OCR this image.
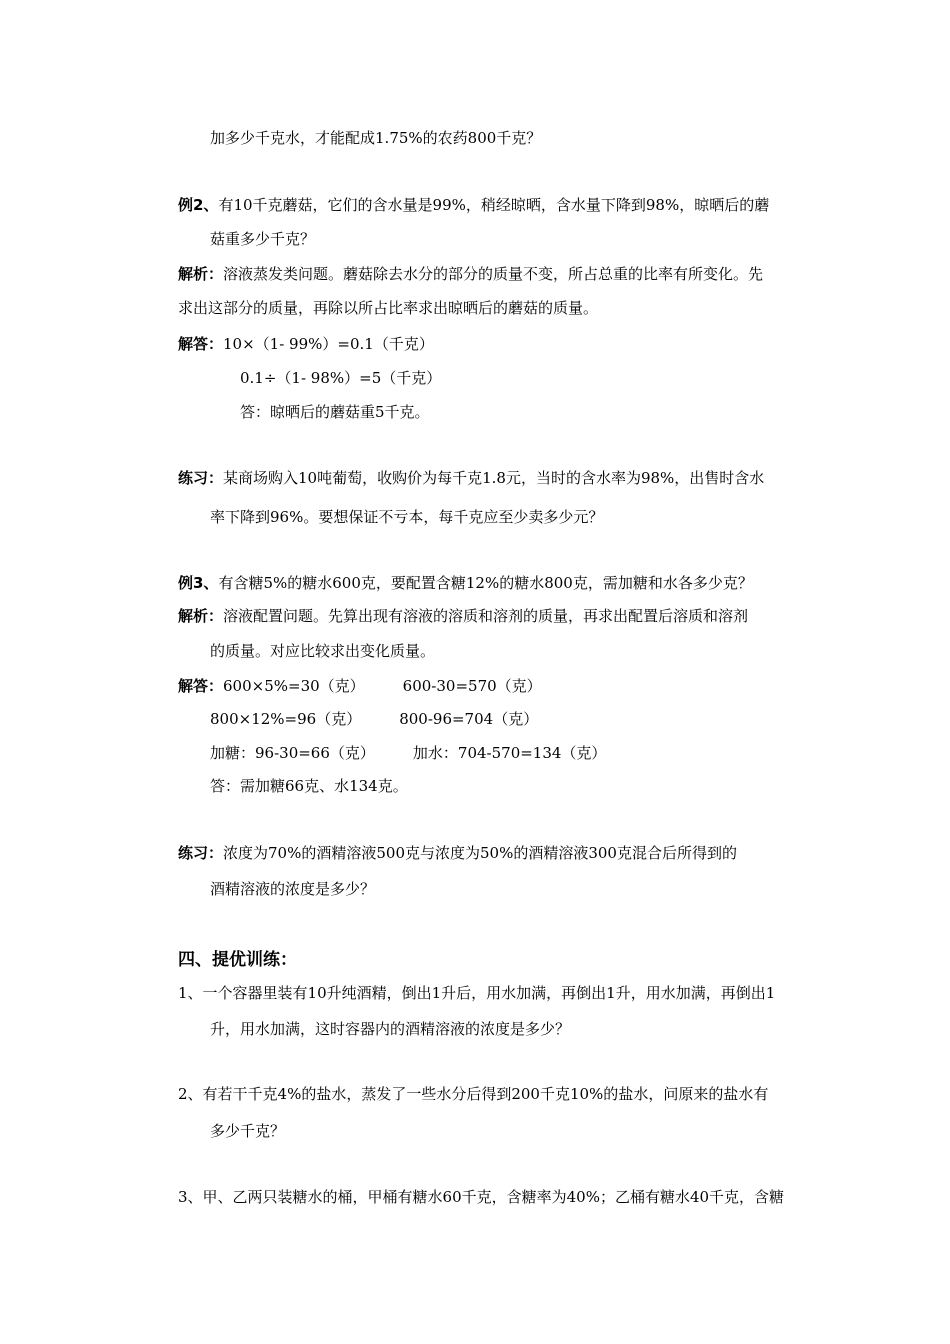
加多少千克水，才能配成1.75%的农药800千克？
例2、有10千克蘑菇，它们的含水量是99%，稍经晾晒，含水量下降到98%，晾晒后的蘑
菇重多少千克？
解析：溶液蒸发类问题。蘑菇除去水分的部分的质量不变，所占总重的比率有所变化。先
求出这部分的质量，再除以所占比率求出晾晒后的蘑菇的质量。
解答：10×（1- 99%）=0.1（千克）
0.1÷（1- 98%）=5（千克）
答：晾晒后的蘑菇重5千克。
练习：某商场购入10吨葡萄，收购价为每千克1.8元，当时的含水率为98%，出售时含水
率下降到96%。要想保证不亏本，每千克应至少卖多少元？
例3、有含糖5%的糖水600克，要配置含糖12%的糖水800克，需加糖和水各多少克？
解析：溶液配置问题。先算出现有溶液的溶质和溶剂的质量，再求出配置后溶质和溶剂
的质量。对应比较求出变化质量。
解答：600×5%=30（克）	600-30=570（克）
800×12%=96（克）	800-96=704（克）
加糖：96-30=66（克）	加水：704-570=134（克）
答：需加糖66克、水134克。
练习：浓度为70%的酒精溶液500克与浓度为50%的酒精溶液300克混合后所得到的
酒精溶液的浓度是多少？
四、提优训练：
1、一个容器里装有10升纯酒精，倒出1升后，用水加满，再倒出1升，用水加满，再倒出1
升，用水加满，这时容器内的酒精溶液的浓度是多少？
2、有若干千克4%的盐水，蒸发了一些水分后得到200千克10%的盐水，问原来的盐水有
多少千克？
3、甲、乙两只装糖水的桶，甲桶有糖水60千克，含糖率为40%；乙桶有糖水40千克，含糖
